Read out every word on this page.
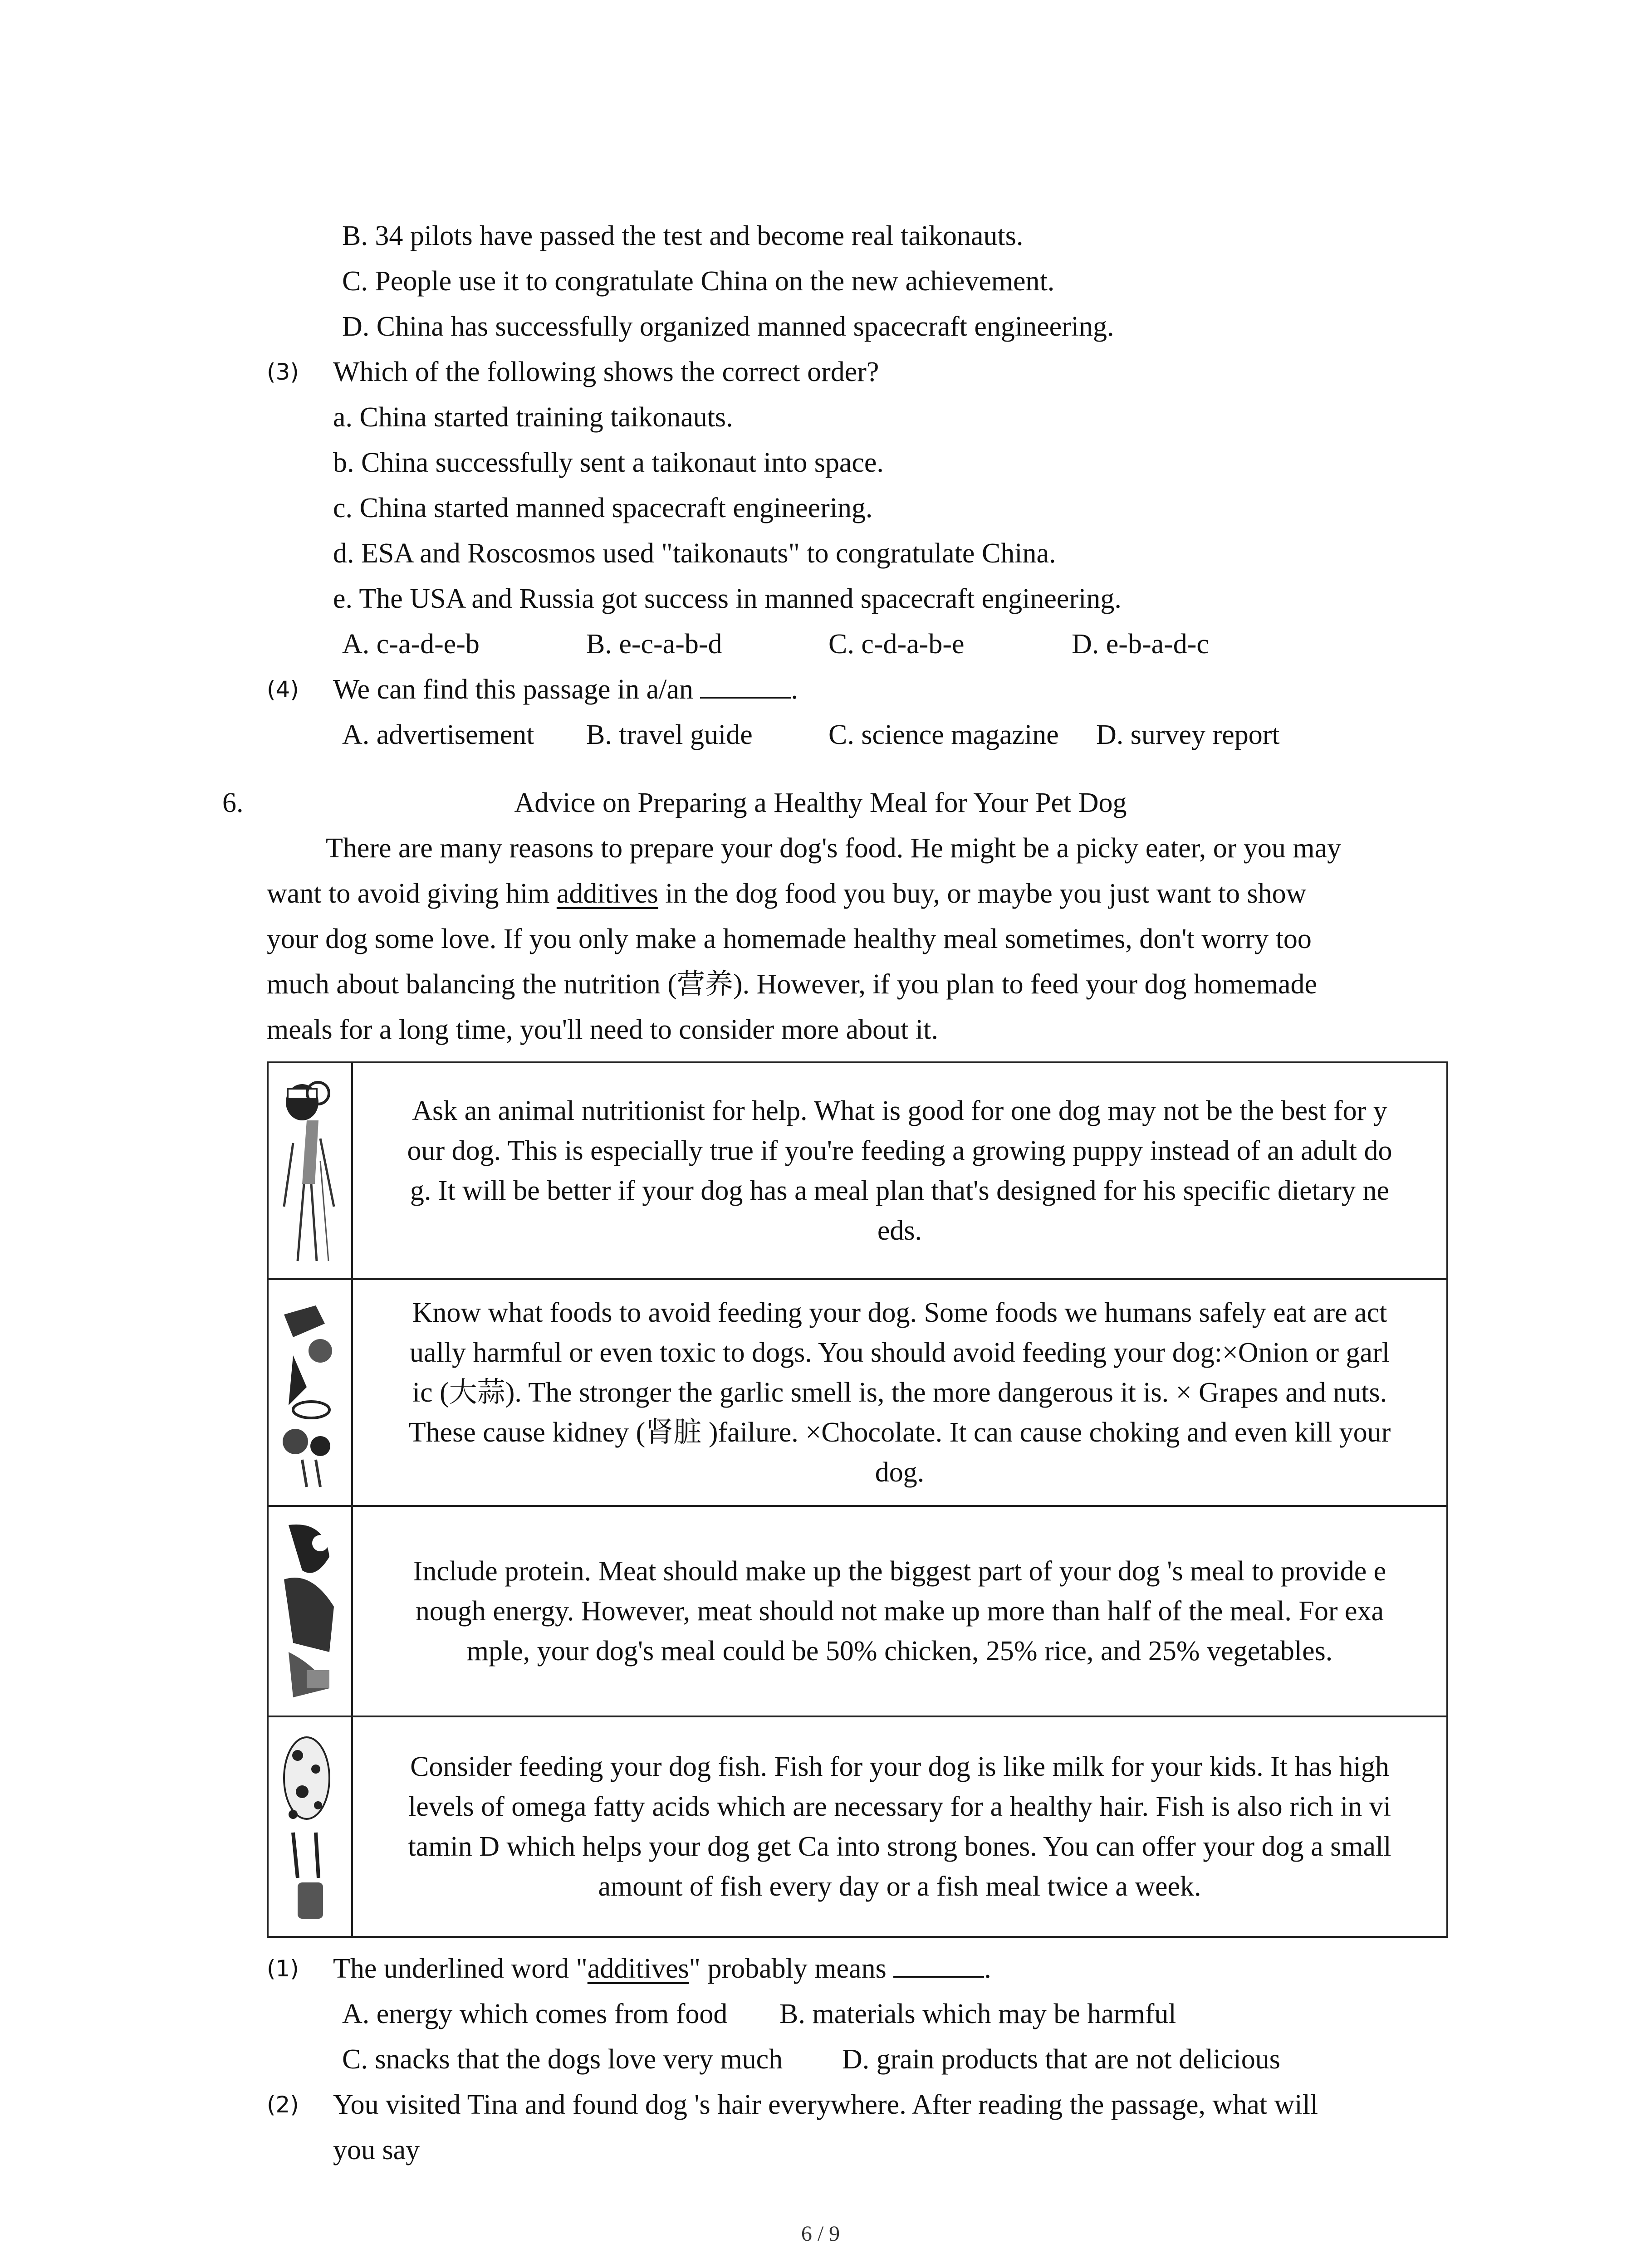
B. 34 pilots have passed the test and become real taikonauts.
C. People use it to congratulate China on the new achievement.
D. China has successfully organized manned spacecraft engineering.
(3) Which of the following shows the correct order?
a. China started training taikonauts.
b. China successfully sent a taikonaut into space.
c. China started manned spacecraft engineering.
d. ESA and Roscosmos used "taikonauts" to congratulate China.
e. The USA and Russia got success in manned spacecraft engineering.
A. c-a-d-e-b	B. e-c-a-b-d	C. c-d-a-b-e	D. e-b-a-d-c
(4) We can find this passage in a/an	.
A. advertisement B. travel guide	C. science magazine D. survey report
6.	Advice on Preparing a Healthy Meal for Your Pet Dog
There are many reasons to prepare your dog's food. He might be a picky eater, or you may
want to avoid giving him additives in the dog food you buy, or maybe you just want to show
your dog some love. If you only make a homemade healthy meal sometimes, don't worry too
much about balancing the nutrition (营养). However, if you plan to feed your dog homemade
meals for a long time, you'll need to consider more about it.
Ask an animal nutritionist for help. What is good for one dog may not be the best for y
our dog. This is especially true if you're feeding a growing puppy instead of an adult do
g. It will be better if your dog has a meal plan that's designed for his specific dietary ne
eds.
Know what foods to avoid feeding your dog. Some foods we humans safely eat are act
ually harmful or even toxic to dogs. You should avoid feeding your dog:×Onion or garl
ic (大蒜). The stronger the garlic smell is, the more dangerous it is. × Grapes and nuts.
These cause kidney (肾脏 )failure. ×Chocolate. It can cause choking and even kill your
dog.
Include protein. Meat should make up the biggest part of your dog 's meal to provide e
nough energy. However, meat should not make up more than half of the meal. For exa
mple, your dog's meal could be 50% chicken, 25% rice, and 25% vegetables.
Consider feeding your dog fish. Fish for your dog is like milk for your kids. It has high
levels of omega fatty acids which are necessary for a healthy hair. Fish is also rich in vi
tamin D which helps your dog get Ca into strong bones. You can offer your dog a small
amount of fish every day or a fish meal twice a week.
(1) The underlined word "additives" probably means	.
A. energy which comes from food B. materials which may be harmful
C. snacks that the dogs love very much D. grain products that are not delicious
(2) You visited Tina and found dog 's hair everywhere. After reading the passage, what will
you say
6 / 9
